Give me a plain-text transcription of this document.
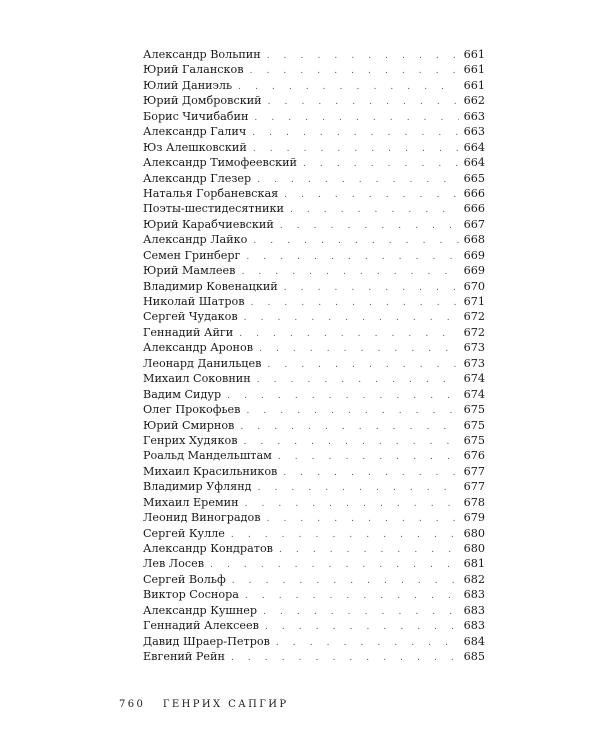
Александр Вольпин . . .	661
Юрий Галансков . . .	661
Юлий Даниэль . . .	661
Юрий Домбровский . . .	662
Борис Чичибабин . . .	663
Александр Галич . . .	663
Юз Алешковский . . .	664
Александр Тимофеевский . . .	664
Александр Глезер . . .	665
Наталья Горбаневская . . .	666
Поэты-шестидесятники . . .	666
Юрий Карабчиевский . . .	667
Александр Лайко . . .	668
Семен Гринберг . . .	669
Юрий Мамлеев . . .	669
Владимир Ковенацкий . . .	670
Николай Шатров . . .	671
Сергей Чудаков . . .	672
Геннадий Айги . . .	672
Александр Аронов . . .	673
Леонард Данильцев . . .	673
Михаил Соковнин . . .	674
Вадим Сидур . . .	674
Олег Прокофьев . . .	675
Юрий Смирнов . . .	675
Генрих Худяков . . .	675
Роальд Мандельштам . . .	676
Михаил Красильников . . .	677
Владимир Уфлянд . . .	677
Михаил Еремин . . .	678
Леонид Виноградов . . .	679
Сергей Кулле . . .	680
Александр Кондратов . . .	680
Лев Лосев . . .	681
Сергей Вольф . . .	682
Виктор Соснора . . .	683
Александр Кушнер . . .	683
Геннадий Алексеев . . .	683
Давид Шраер-Петров . . .	684
Евгений Рейн . . .	685
760 ГЕНРИХ САПГИР
